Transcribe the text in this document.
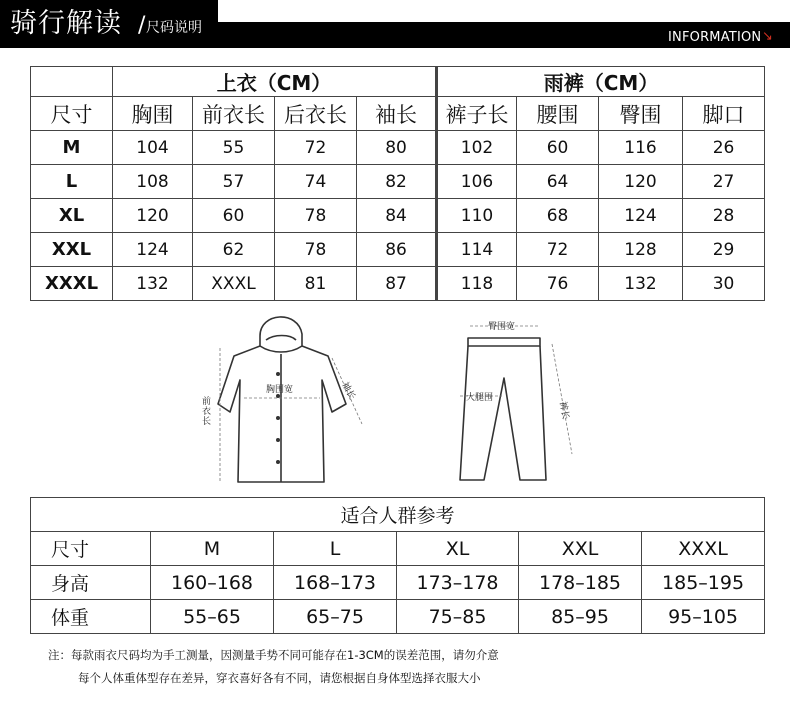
骑行解读 / 尺码说明
INFORMATION ↘
	上衣（CM）				雨裤（CM）			
尺寸	胸围	前衣长	后衣长	袖长	裤子长	腰围	臀围	脚口
M	104	55	72	80	102	60	116	26
L	108	57	74	82	106	64	120	27
XL	120	60	78	84	110	68	124	28
XXL	124	62	78	86	114	72	128	29
XXXL	132	XXXL	81	87	118	76	132	30
前
衣
长
胸围宽	袖长
臀围宽
大腿围
裤长
适合人群参考					
尺寸	M	L	XL	XXL	XXXL
身高	160–168	168–173	173–178	178–185	185–195
体重	55–65	65–75	75–85	85–95	95–105
注：每款雨衣尺码均为手工测量，因测量手势不同可能存在1-3CM的误差范围，请勿介意
每个人体重体型存在差异，穿衣喜好各有不同，请您根据自身体型选择衣服大小
